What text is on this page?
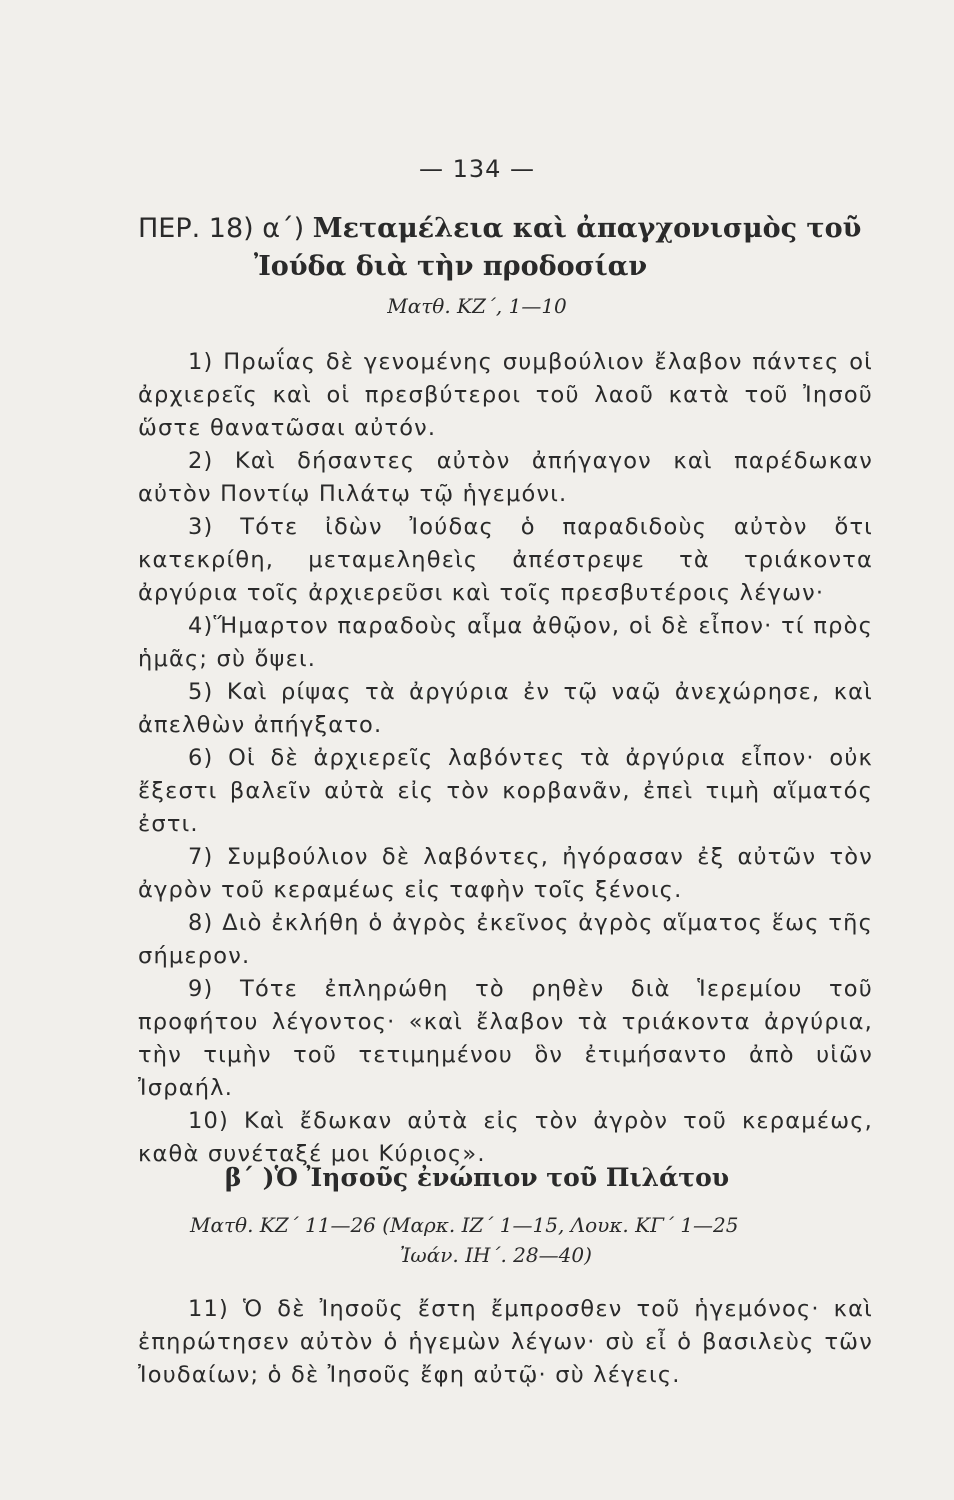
— 134 —
ΠΕΡ. 18) α΄) Μεταμέλεια καὶ ἀπαγχονισμὸς τοῦ
Ἰούδα διὰ τὴν προδοσίαν
Ματθ. ΚΖ΄, 1—10

1) Πρωΐας δὲ γενομένης συμβούλιον ἔλαβον πάντες οἱ ἀρχιερεῖς καὶ οἱ πρεσβύτεροι τοῦ λαοῦ κατὰ τοῦ Ἰησοῦ ὥστε θανατῶσαι αὐτόν.

2) Καὶ δήσαντες αὐτὸν ἀπήγαγον καὶ παρέδωκαν αὐτὸν Ποντίῳ Πιλάτῳ τῷ ἡγεμόνι.

3) Τότε ἰδὼν Ἰούδας ὁ παραδιδοὺς αὐτὸν ὅτι κατεκρίθη, μεταμεληθεὶς ἀπέστρεψε τὰ τριάκοντα ἀργύρια τοῖς ἀρχιερεῦσι καὶ τοῖς πρεσβυτέροις λέγων·

4)Ἥμαρτον παραδοὺς αἷμα ἀθῷον, οἱ δὲ εἶπον· τί πρὸς ἡμᾶς; σὺ ὄψει.

5) Καὶ ρίψας τὰ ἀργύρια ἐν τῷ ναῷ ἀνεχώρησε, καὶ ἀπελθὼν ἀπήγξατο.

6) Οἱ δὲ ἀρχιερεῖς λαβόντες τὰ ἀργύρια εἶπον· οὐκ ἔξεστι βαλεῖν αὐτὰ εἰς τὸν κορβανᾶν, ἐπεὶ τιμὴ αἵματός ἐστι.

7) Συμβούλιον δὲ λαβόντες, ἠγόρασαν ἐξ αὐτῶν τὸν ἀγρὸν τοῦ κεραμέως εἰς ταφὴν τοῖς ξένοις.

8) Διὸ ἐκλήθη ὁ ἀγρὸς ἐκεῖνος ἀγρὸς αἵματος ἕως τῆς σήμερον.

9) Τότε ἐπληρώθη τὸ ρηθὲν διὰ Ἱερεμίου τοῦ προφήτου λέγοντος· «καὶ ἔλαβον τὰ τριάκοντα ἀργύρια, τὴν τιμὴν τοῦ τετιμημένου ὃν ἐτιμήσαντο ἀπὸ υἱῶν Ἰσραήλ.

10) Καὶ ἔδωκαν αὐτὰ εἰς τὸν ἀγρὸν τοῦ κεραμέως, καθὰ συνέταξέ μοι Κύριος».

β΄ )Ὁ Ἰησοῦς ἐνώπιον τοῦ Πιλάτου
Ματθ. ΚΖ΄ 11—26 (Μαρκ. ΙΖ΄ 1—15, Λουκ. ΚΓ΄ 1—25
Ἰωάν. ΙΗ΄. 28—40)

11) Ὁ δὲ Ἰησοῦς ἔστη ἔμπροσθεν τοῦ ἡγεμόνος· καὶ ἐπηρώτησεν αὐτὸν ὁ ἡγεμὼν λέγων· σὺ εἶ ὁ βασιλεὺς τῶν Ἰουδαίων; ὁ δὲ Ἰησοῦς ἔφη αὐτῷ· σὺ λέγεις.
